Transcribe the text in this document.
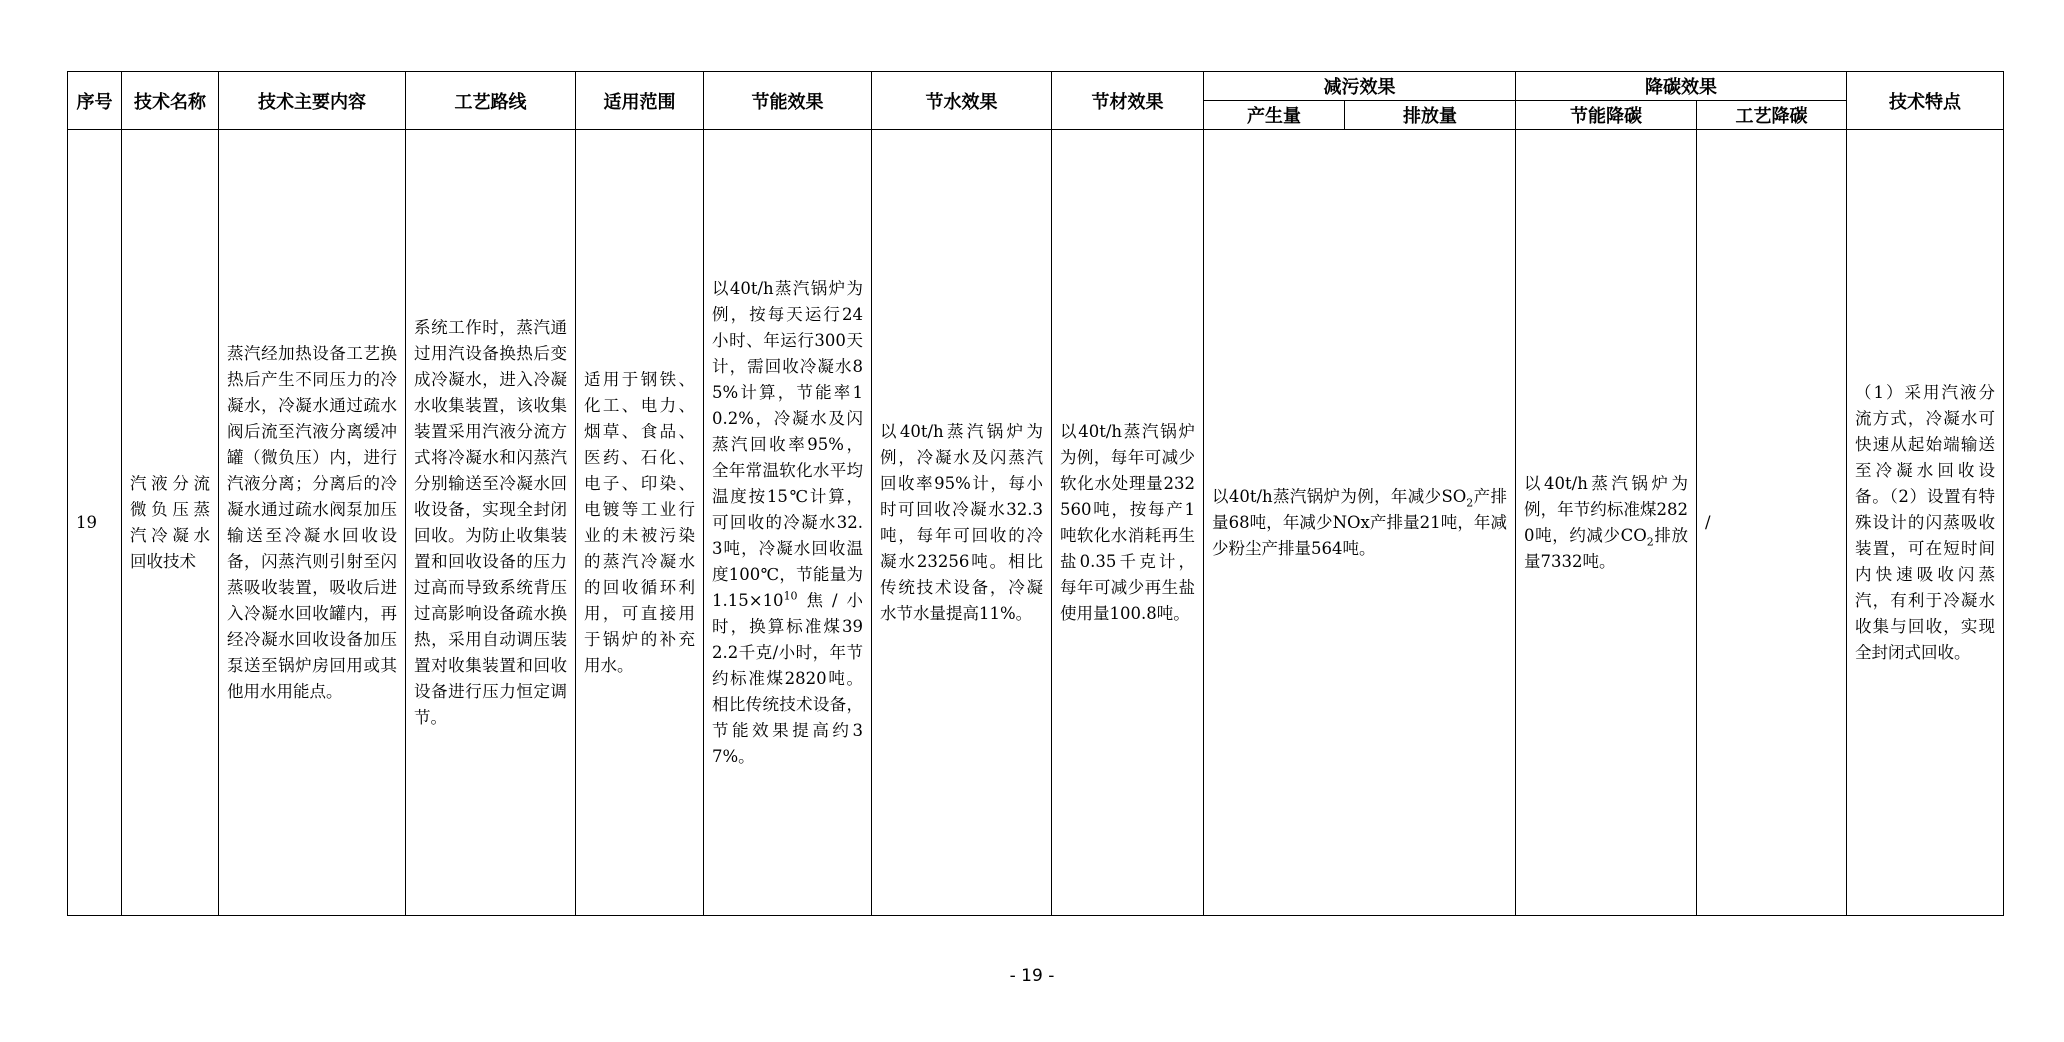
序号	技术名称	技术主要内容	工艺路线	适用范围	节能效果	节水效果	节材效果	减污效果		降碳效果		技术特点
								产生量	排放量	节能降碳	工艺降碳	
19	汽液分流微负压蒸汽冷凝水回收技术	蒸汽经加热设备工艺换热后产生不同压力的冷凝水，冷凝水通过疏水阀后流至汽液分离缓冲罐（微负压）内，进行汽液分离；分离后的冷凝水通过疏水阀泵加压输送至冷凝水回收设备，闪蒸汽则引射至闪蒸吸收装置，吸收后进入冷凝水回收罐内，再经冷凝水回收设备加压泵送至锅炉房回用或其他用水用能点。	系统工作时，蒸汽通过用汽设备换热后变成冷凝水，进入冷凝水收集装置，该收集装置采用汽液分流方式将冷凝水和闪蒸汽分别输送至冷凝水回收设备，实现全封闭回收。为防止收集装置和回收设备的压力过高而导致系统背压过高影响设备疏水换热，采用自动调压装置对收集装置和回收设备进行压力恒定调节。	适用于钢铁、化工、电力、烟草、食品、医药、石化、电子、印染、电镀等工业行业的未被污染的蒸汽冷凝水的回收循环利用，可直接用于锅炉的补充用水。	以40t/h蒸汽锅炉为例，按每天运行24小时、年运行300天计，需回收冷凝水85%计算，节能率10.2%，冷凝水及闪蒸汽回收率95%，全年常温软化水平均温度按15℃计算，可回收的冷凝水32.3吨，冷凝水回收温度100℃，节能量为$1.15\times 10^{10}$焦/小时，换算标准煤392.2千克/小时，年节约标准煤2820吨。相比传统技术设备，节能效果提高约37%。	以40t/h蒸汽锅炉为例，冷凝水及闪蒸汽回收率95%计，每小时可回收冷凝水32.3吨，每年可回收的冷凝水23256吨。相比传统技术设备，冷凝水节水量提高11%。	以40t/h蒸汽锅炉为例，每年可减少软化水处理量232560吨，按每产1吨软化水消耗再生盐0.35千克计，每年可减少再生盐使用量100.8吨。	以40t/h蒸汽锅炉为例，年减少$SO_2$产排量68吨，年减少NOx产排量21吨，年减少粉尘产排量564吨。		以40t/h蒸汽锅炉为例，年节约标准煤2820吨，约减少$CO_2$排放量7332吨。	/	（1）采用汽液分流方式，冷凝水可快速从起始端输送至冷凝水回收设备。（2）设置有特殊设计的闪蒸吸收装置，可在短时间内快速吸收闪蒸汽，有利于冷凝水收集与回收，实现全封闭式回收。
- 19 -
